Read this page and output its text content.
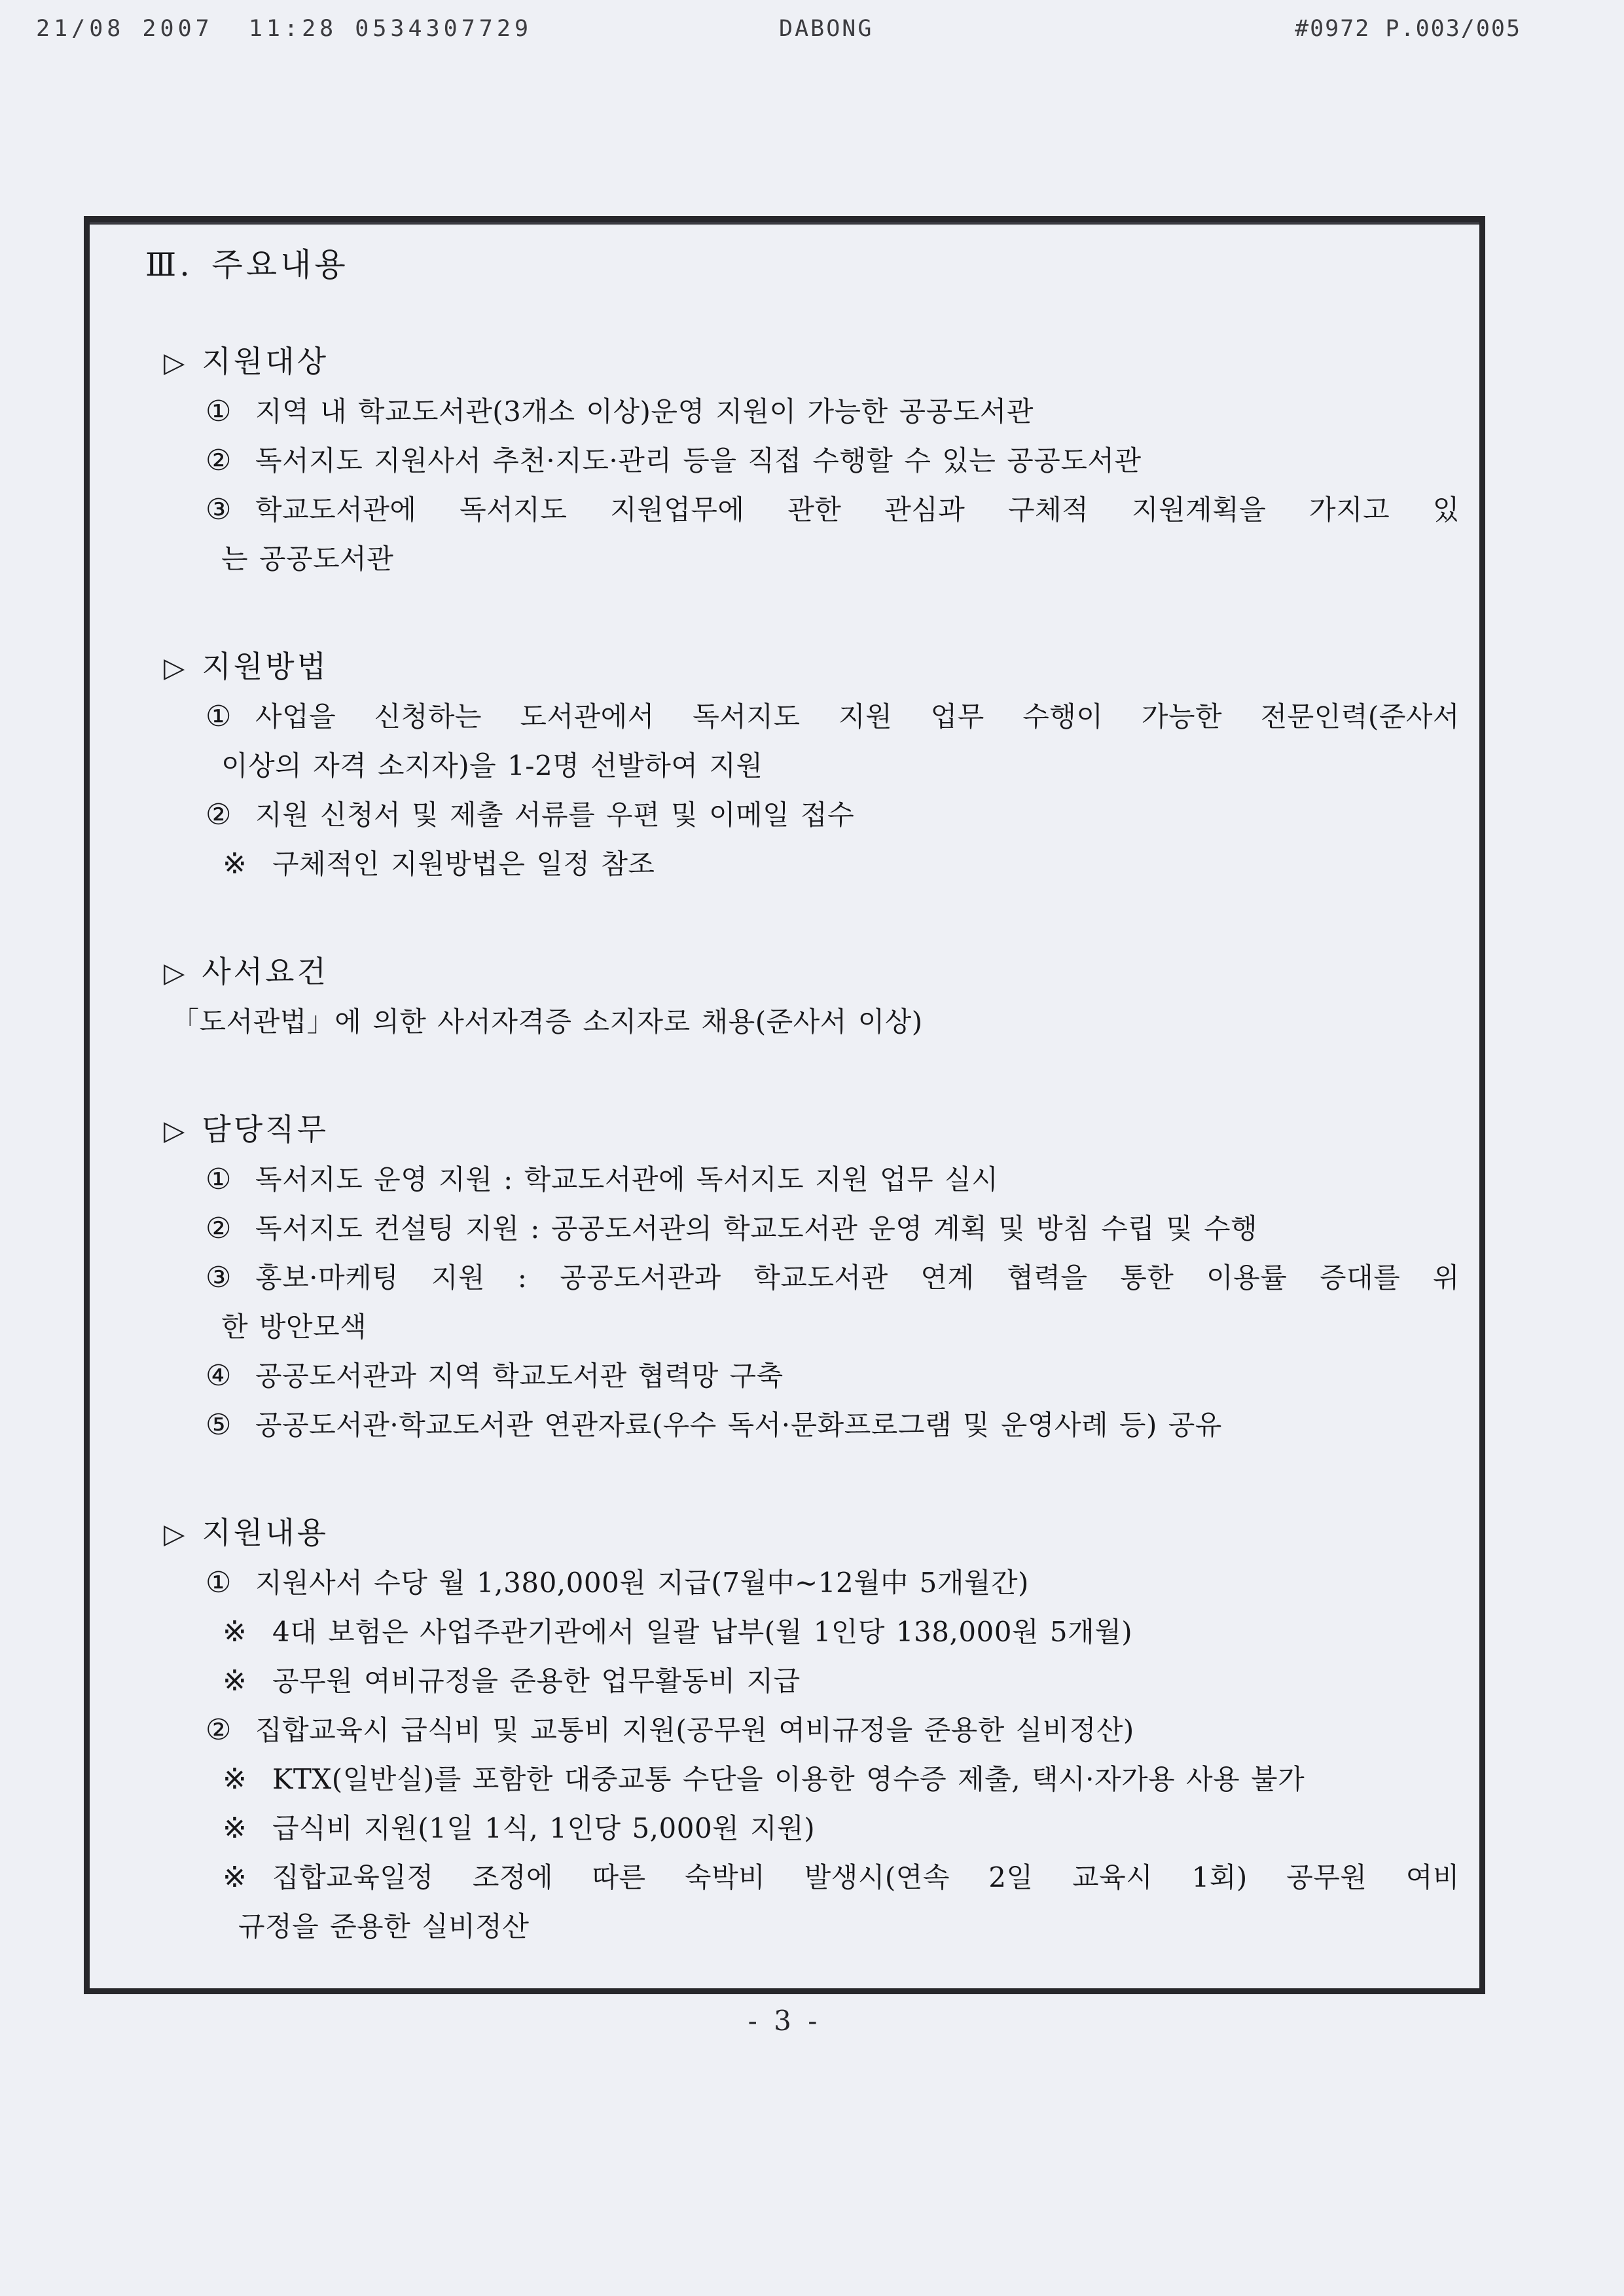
21/08 2007  11:28 0534307729	DABONG	#0972 P.003/005
Ⅲ. 주요내용
▷ 지원대상
① 지역 내 학교도서관(3개소 이상)운영 지원이 가능한 공공도서관
② 독서지도 지원사서 추천·지도·관리 등을 직접 수행할 수 있는 공공도서관
③ 학교도서관에 독서지도 지원업무에 관한 관심과 구체적 지원계획을 가지고 있
는 공공도서관
▷ 지원방법
① 사업을 신청하는 도서관에서 독서지도 지원 업무 수행이 가능한 전문인력(준사서
이상의 자격 소지자)을 1-2명 선발하여 지원
② 지원 신청서 및 제출 서류를 우편 및 이메일 접수
※ 구체적인 지원방법은 일정 참조
▷ 사서요건
「도서관법」에 의한 사서자격증 소지자로 채용(준사서 이상)
▷ 담당직무
① 독서지도 운영 지원 : 학교도서관에 독서지도 지원 업무 실시
② 독서지도 컨설팅 지원 : 공공도서관의 학교도서관 운영 계획 및 방침 수립 및 수행
③ 홍보·마케팅 지원 : 공공도서관과 학교도서관 연계 협력을 통한 이용률 증대를 위
한 방안모색
④ 공공도서관과 지역 학교도서관 협력망 구축
⑤ 공공도서관·학교도서관 연관자료(우수 독서·문화프로그램 및 운영사례 등) 공유
▷ 지원내용
① 지원사서 수당 월 1,380,000원 지급(7월中~12월中 5개월간)
※ 4대 보험은 사업주관기관에서 일괄 납부(월 1인당 138,000원 5개월)
※ 공무원 여비규정을 준용한 업무활동비 지급
② 집합교육시 급식비 및 교통비 지원(공무원 여비규정을 준용한 실비정산)
※ KTX(일반실)를 포함한 대중교통 수단을 이용한 영수증 제출, 택시·자가용 사용 불가
※ 급식비 지원(1일 1식, 1인당 5,000원 지원)
※ 집합교육일정 조정에 따른 숙박비 발생시(연속 2일 교육시 1회) 공무원 여비
규정을 준용한 실비정산
- 3 -
